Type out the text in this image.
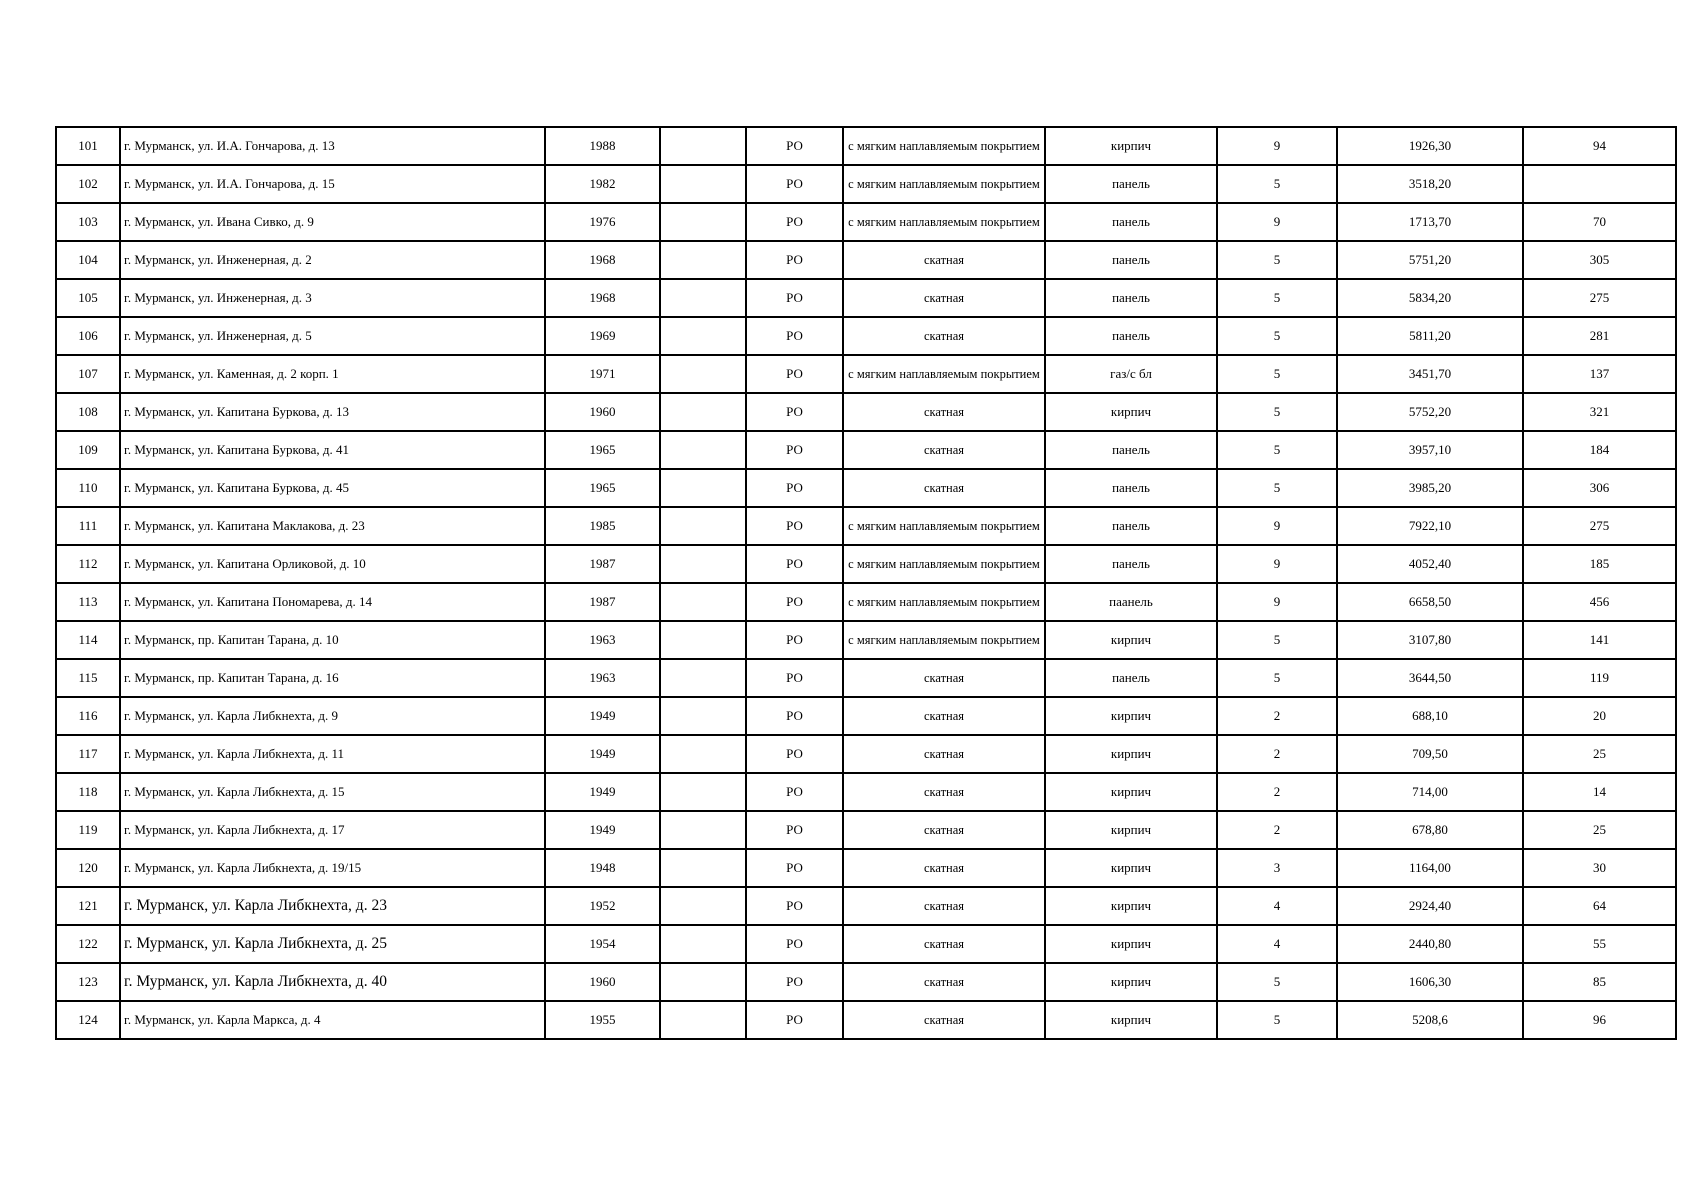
101	г. Мурманск, ул. И.А. Гончарова, д. 13	1988		РО	с мягким наплавляемым покрытием	кирпич	9	1926,30	94
102	г. Мурманск, ул. И.А. Гончарова, д. 15	1982		РО	с мягким наплавляемым покрытием	панель	5	3518,20	
103	г. Мурманск, ул. Ивана Сивко, д. 9	1976		РО	с мягким наплавляемым покрытием	панель	9	1713,70	70
104	г. Мурманск, ул. Инженерная, д. 2	1968		РО	скатная	панель	5	5751,20	305
105	г. Мурманск, ул. Инженерная, д. 3	1968		РО	скатная	панель	5	5834,20	275
106	г. Мурманск, ул. Инженерная, д. 5	1969		РО	скатная	панель	5	5811,20	281
107	г. Мурманск, ул. Каменная, д. 2 корп. 1	1971		РО	с мягким наплавляемым покрытием	газ/с бл	5	3451,70	137
108	г. Мурманск, ул. Капитана Буркова, д. 13	1960		РО	скатная	кирпич	5	5752,20	321
109	г. Мурманск, ул. Капитана Буркова, д. 41	1965		РО	скатная	панель	5	3957,10	184
110	г. Мурманск, ул. Капитана Буркова, д. 45	1965		РО	скатная	панель	5	3985,20	306
111	г. Мурманск, ул. Капитана Маклакова, д. 23	1985		РО	с мягким наплавляемым покрытием	панель	9	7922,10	275
112	г. Мурманск, ул. Капитана Орликовой, д. 10	1987		РО	с мягким наплавляемым покрытием	панель	9	4052,40	185
113	г. Мурманск, ул. Капитана Пономарева, д. 14	1987		РО	с мягким наплавляемым покрытием	паанель	9	6658,50	456
114	г. Мурманск, пр. Капитан Тарана, д. 10	1963		РО	с мягким наплавляемым покрытием	кирпич	5	3107,80	141
115	г. Мурманск, пр. Капитан Тарана, д. 16	1963		РО	скатная	панель	5	3644,50	119
116	г. Мурманск, ул. Карла Либкнехта, д. 9	1949		РО	скатная	кирпич	2	688,10	20
117	г. Мурманск, ул. Карла Либкнехта, д. 11	1949		РО	скатная	кирпич	2	709,50	25
118	г. Мурманск, ул. Карла Либкнехта, д. 15	1949		РО	скатная	кирпич	2	714,00	14
119	г. Мурманск, ул. Карла Либкнехта, д. 17	1949		РО	скатная	кирпич	2	678,80	25
120	г. Мурманск, ул. Карла Либкнехта, д. 19/15	1948		РО	скатная	кирпич	3	1164,00	30
121	г. Мурманск, ул. Карла Либкнехта, д. 23	1952		РО	скатная	кирпич	4	2924,40	64
122	г. Мурманск, ул. Карла Либкнехта, д. 25	1954		РО	скатная	кирпич	4	2440,80	55
123	г. Мурманск, ул. Карла Либкнехта, д. 40	1960		РО	скатная	кирпич	5	1606,30	85
124	г. Мурманск, ул. Карла Маркса, д. 4	1955		РО	скатная	кирпич	5	5208,6	96
